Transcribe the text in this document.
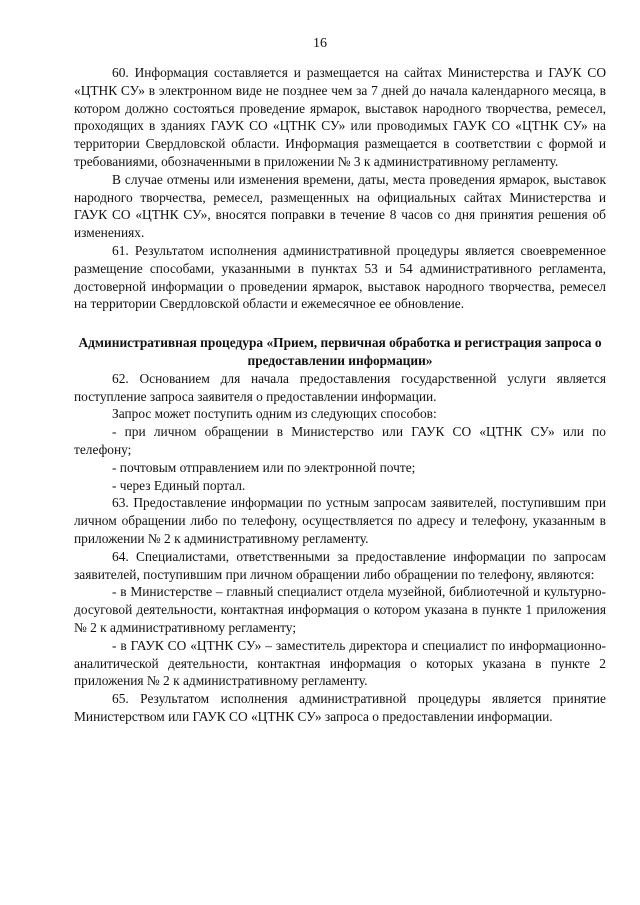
16

60. Информация составляется и размещается на сайтах Министерства и ГАУК СО «ЦТНК СУ» в электронном виде не позднее чем за 7 дней до начала календарного месяца, в котором должно состояться проведение ярмарок, выставок народного творчества, ремесел, проходящих в зданиях ГАУК СО «ЦТНК СУ» или проводимых ГАУК СО «ЦТНК СУ» на территории Свердловской области. Информация размещается в соответствии с формой и требованиями, обозначенными в приложении № 3 к административному регламенту.

В случае отмены или изменения времени, даты, места проведения ярмарок, выставок народного творчества, ремесел, размещенных на официальных сайтах Министерства и ГАУК СО «ЦТНК СУ», вносятся поправки в течение 8 часов со дня принятия решения об изменениях.

61. Результатом исполнения административной процедуры является своевременное размещение способами, указанными в пунктах 53 и 54 административного регламента, достоверной информации о проведении ярмарок, выставок народного творчества, ремесел на территории Свердловской области и ежемесячное ее обновление.

Административная процедура «Прием, первичная обработка и регистрация запроса о предоставлении информации»

62. Основанием для начала предоставления государственной услуги является поступление запроса заявителя о предоставлении информации.

Запрос может поступить одним из следующих способов:

- при личном обращении в Министерство или ГАУК СО «ЦТНК СУ» или по телефону;

- почтовым отправлением или по электронной почте;

- через Единый портал.

63. Предоставление информации по устным запросам заявителей, поступившим при личном обращении либо по телефону, осуществляется по адресу и телефону, указанным в приложении № 2 к административному регламенту.

64. Специалистами, ответственными за предоставление информации по запросам заявителей, поступившим при личном обращении либо обращении по телефону, являются:

- в Министерстве – главный специалист отдела музейной, библиотечной и культурно-досуговой деятельности, контактная информация о котором указана в пункте 1 приложения № 2 к административному регламенту;

- в ГАУК СО «ЦТНК СУ» – заместитель директора и специалист по информационно-аналитической деятельности, контактная информация о которых указана в пункте 2 приложения № 2 к административному регламенту.

65. Результатом исполнения административной процедуры является принятие Министерством или ГАУК СО «ЦТНК СУ» запроса о предоставлении информации.
